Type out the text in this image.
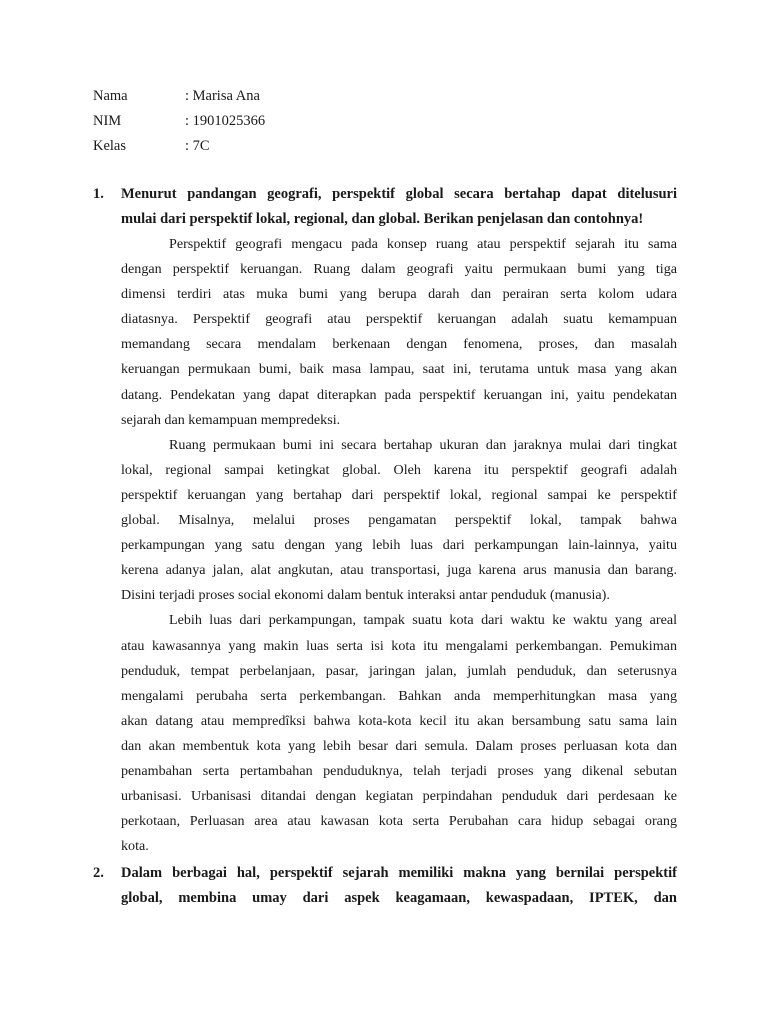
Nama	: Marisa Ana
NIM	: 1901025366
Kelas	: 7C
1.	Menurut pandangan geografi, perspektif global secara bertahap dapat ditelusuri
mulai dari perspektif lokal, regional, dan global. Berikan penjelasan dan contohnya!
Perspektif geografi mengacu pada konsep ruang atau perspektif sejarah itu sama
dengan perspektif keruangan. Ruang dalam geografi yaitu permukaan bumi yang tiga
dimensi terdiri atas muka bumi yang berupa darah dan perairan serta kolom udara
diatasnya. Perspektif geografi atau perspektif keruangan adalah suatu kemampuan
memandang secara mendalam berkenaan dengan fenomena, proses, dan masalah
keruangan permukaan bumi, baik masa lampau, saat ini, terutama untuk masa yang akan
datang. Pendekatan yang dapat diterapkan pada perspektif keruangan ini, yaitu pendekatan
sejarah dan kemampuan mempredeksi.
Ruang permukaan bumi ini secara bertahap ukuran dan jaraknya mulai dari tingkat
lokal, regional sampai ketingkat global. Oleh karena itu perspektif geografi adalah
perspektif keruangan yang bertahap dari perspektif lokal, regional sampai ke perspektif
global. Misalnya, melalui proses pengamatan perspektif lokal, tampak bahwa
perkampungan yang satu dengan yang lebih luas dari perkampungan lain-lainnya, yaitu
kerena adanya jalan, alat angkutan, atau transportasi, juga karena arus manusia dan barang.
Disini terjadi proses social ekonomi dalam bentuk interaksi antar penduduk (manusia).
Lebih luas dari perkampungan, tampak suatu kota dari waktu ke waktu yang areal
atau kawasannya yang makin luas serta isi kota itu mengalami perkembangan. Pemukiman
penduduk, tempat perbelanjaan, pasar, jaringan jalan, jumlah penduduk, dan seterusnya
mengalami perubaha serta perkembangan. Bahkan anda memperhitungkan masa yang
akan datang atau mempredîksi bahwa kota-kota kecil itu akan bersambung satu sama lain
dan akan membentuk kota yang lebih besar dari semula. Dalam proses perluasan kota dan
penambahan serta pertambahan penduduknya, telah terjadi proses yang dikenal sebutan
urbanisasi. Urbanisasi ditandai dengan kegiatan perpindahan penduduk dari perdesaan ke
perkotaan, Perluasan area atau kawasan kota serta Perubahan cara hidup sebagai orang
kota.
2.	Dalam berbagai hal, perspektif sejarah memiliki makna yang bernilai perspektif
global, membina umay dari aspek keagamaan, kewaspadaan, IPTEK, dan
